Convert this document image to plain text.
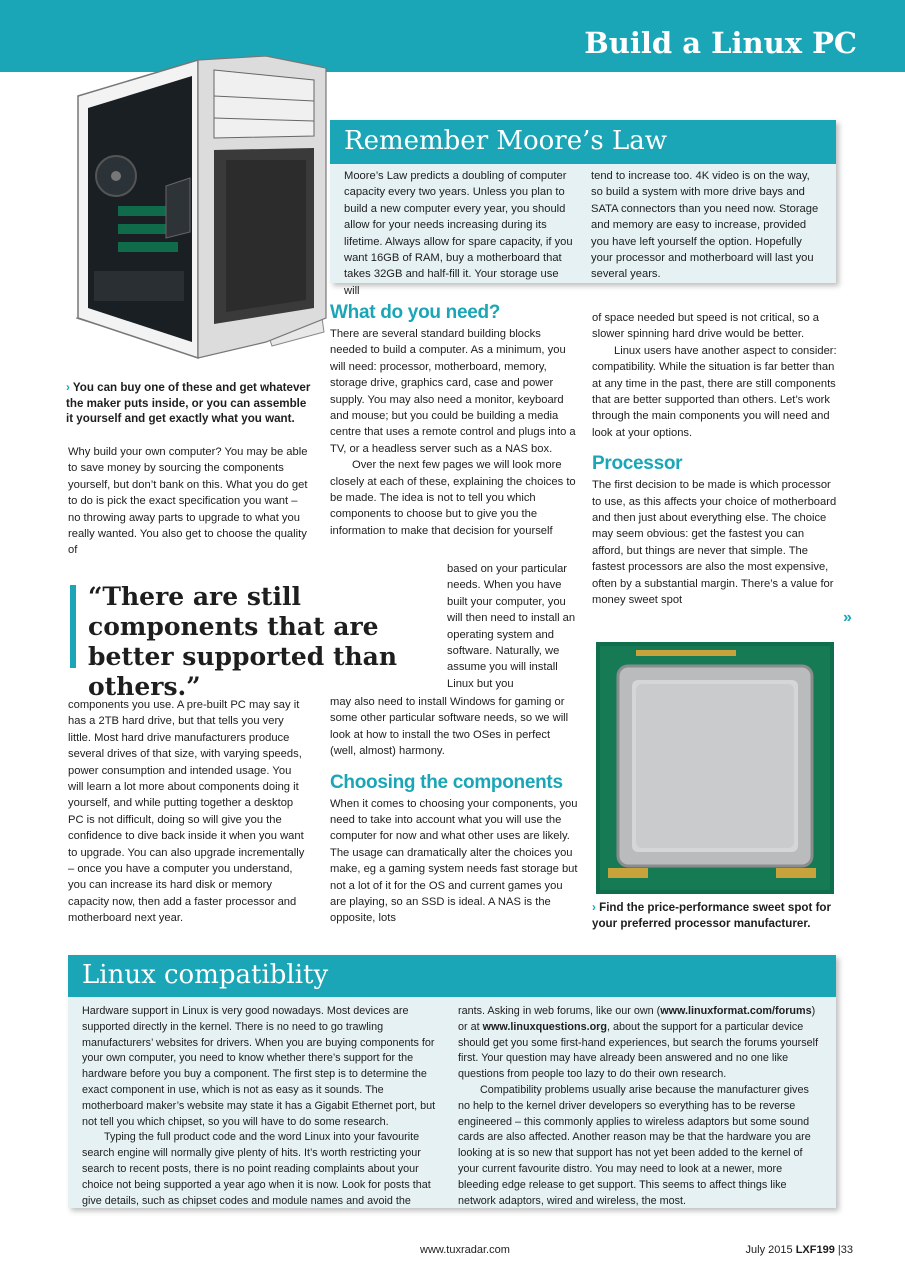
Build a Linux PC
› You can buy one of these and get whatever the maker puts inside, or you can assemble it yourself and get exactly what you want.
Remember Moore’s Law

Moore’s Law predicts a doubling of computer capacity every two years. Unless you plan to build a new computer every year, you should allow for your needs increasing during its lifetime. Always allow for spare capacity, if you want 16GB of RAM, buy a motherboard that takes 32GB and half-fill it. Your storage use will

tend to increase too. 4K video is on the way, so build a system with more drive bays and SATA connectors than you need now. Storage and memory are easy to increase, provided you have left yourself the option. Hopefully your processor and motherboard will last you several years.

Why build your own computer? You may be able to save money by sourcing the components yourself, but don’t bank on this. What you do get to do is pick the exact specification you want – no throwing away parts to upgrade to what you really wanted. You also get to choose the quality of

“There are still components that are better supported than others.”

components you use. A pre-built PC may say it has a 2TB hard drive, but that tells you very little. Most hard drive manufacturers produce several drives of that size, with varying speeds, power consumption and intended usage. You will learn a lot more about components doing it yourself, and while putting together a desktop PC is not difficult, doing so will give you the confidence to dive back inside it when you want to upgrade. You can also upgrade incrementally – once you have a computer you understand, you can increase its hard disk or memory capacity now, then add a faster processor and motherboard next year.

What do you need?

There are several standard building blocks needed to build a computer. As a minimum, you will need: processor, motherboard, memory, storage drive, graphics card, case and power supply. You may also need a monitor, keyboard and mouse; but you could be building a media centre that uses a remote control and plugs into a TV, or a headless server such as a NAS box.

Over the next few pages we will look more closely at each of these, explaining the choices to be made. The idea is not to tell you which components to choose but to give you the information to make that decision for yourself

based on your particular needs. When you have built your computer, you will then need to install an operating system and software. Naturally, we assume you will install Linux but you

may also need to install Windows for gaming or some other particular software needs, so we will look at how to install the two OSes in perfect (well, almost) harmony.

Choosing the components

When it comes to choosing your components, you need to take into account what you will use the computer for now and what other uses are likely. The usage can dramatically alter the choices you make, eg a gaming system needs fast storage but not a lot of it for the OS and current games you are playing, so an SSD is ideal. A NAS is the opposite, lots

of space needed but speed is not critical, so a slower spinning hard drive would be better.

Linux users have another aspect to consider: compatibility. While the situation is far better than at any time in the past, there are still components that are better supported than others. Let’s work through the main components you will need and look at your options.

Processor

The first decision to be made is which processor to use, as this affects your choice of motherboard and then just about everything else. The choice may seem obvious: get the fastest you can afford, but things are never that simple. The fastest processors are also the most expensive, often by a substantial margin. There’s a value for money sweet spot

»
› Find the price-performance sweet spot for your preferred processor manufacturer.
Linux compatiblity

Hardware support in Linux is very good nowadays. Most devices are supported directly in the kernel. There is no need to go trawling manufacturers’ websites for drivers. When you are buying components for your own computer, you need to know whether there’s support for the hardware before you buy a component. The first step is to determine the exact component in use, which is not as easy as it sounds. The motherboard maker’s website may state it has a Gigabit Ethernet port, but not tell you which chipset, so you will have to do some research.

Typing the full product code and the word Linux into your favourite search engine will normally give plenty of hits. It’s worth restricting your search to recent posts, there is no point reading complaints about your choice not being supported a year ago when it is now. Look for posts that give details, such as chipset codes and module names and avoid the

rants. Asking in web forums, like our own (www.linuxformat.com/forums) or at www.linuxquestions.org, about the support for a particular device should get you some first-hand experiences, but search the forums yourself first. Your question may have already been answered and no one like questions from people too lazy to do their own research.

Compatibility problems usually arise because the manufacturer gives no help to the kernel driver developers so everything has to be reverse engineered – this commonly applies to wireless adaptors but some sound cards are also affected. Another reason may be that the hardware you are looking at is so new that support has not yet been added to the kernel of your current favourite distro. You may need to look at a newer, more bleeding edge release to get support. This seems to affect things like network adaptors, wired and wireless, the most.

www.tuxradar.com	July 2015 LXF199 |33
